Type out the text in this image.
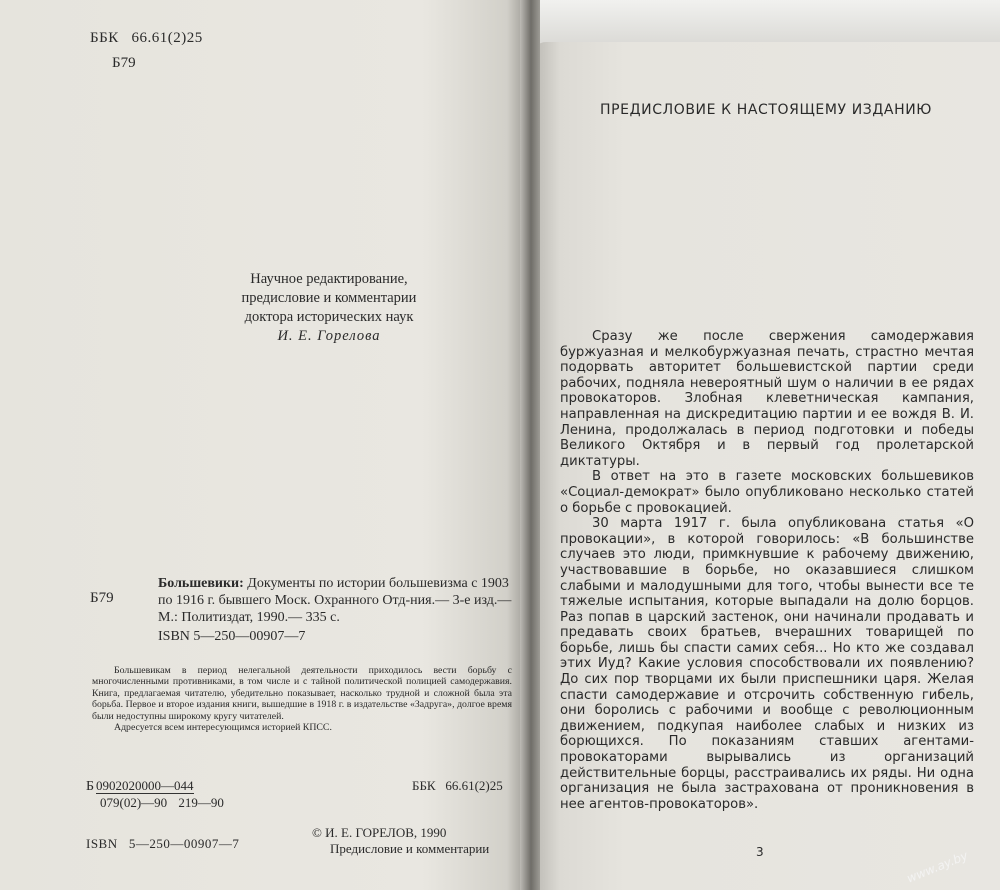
ББК   66.61(2)25
Б79
Научное редактирование,
предисловие и комментарии
доктора исторических наук
И. Е. Горелова
Б79
Большевики: Документы по истории большевизма с 1903 по 1916 г. бывшего Моск. Охранного Отд-ния.— 3-е изд.—М.: Политиздат, 1990.— 335 с.
ISBN 5—250—00907—7

Большевикам в период нелегальной деятельности приходилось вести борьбу с многочисленными противниками, в том числе и с тайной политической полицией самодержавия. Книга, предлагаемая читателю, убедительно показывает, насколько трудной и сложной была эта борьба. Первое и второе издания книги, вышедшие в 1918 г. в издательстве «Задруга», долгое время были недоступны широкому кругу читателей.

Адресуется всем интересующимся историей КПСС.

Б 0902020000—044
079(02)—90 219—90
ББК   66.61(2)25
ISBN   5—250—00907—7
© И. Е. ГОРЕЛОВ, 1990
Предисловие и комментарии
ПРЕДИСЛОВИЕ К НАСТОЯЩЕМУ ИЗДАНИЮ

Сразу же после свержения самодержавия буржуазная и мелкобуржуазная печать, страстно мечтая подорвать авторитет большевистской партии среди рабочих, подняла невероятный шум о наличии в ее рядах провокаторов. Злобная клеветническая кампания, направленная на дискредитацию партии и ее вождя В. И. Ленина, продолжалась в период подготовки и победы Великого Октября и в первый год пролетарской диктатуры.

В ответ на это в газете московских большевиков «Социал-демократ» было опубликовано несколько статей о борьбе с провокацией.

30 марта 1917 г. была опубликована статья «О провокации», в которой говорилось: «В большинстве случаев это люди, примкнувшие к рабочему движению, участвовавшие в борьбе, но оказавшиеся слишком слабыми и малодушными для того, чтобы вынести все те тяжелые испытания, которые выпадали на долю борцов. Раз попав в царский застенок, они начинали продавать и предавать своих братьев, вчерашних товарищей по борьбе, лишь бы спасти самих себя... Но кто же создавал этих Иуд? Какие условия способствовали их появлению? До сих пор творцами их были приспешники царя. Желая спасти самодержавие и отсрочить собственную гибель, они боролись с рабочими и вообще с революционным движением, подкупая наиболее слабых и низких из борющихся. По показаниям ставших агентами-провокаторами вырывались из организаций действительные борцы, расстраивались их ряды. Ни одна организация не была застрахована от проникновения в нее агентов-провокаторов».

3	www.ay.by
